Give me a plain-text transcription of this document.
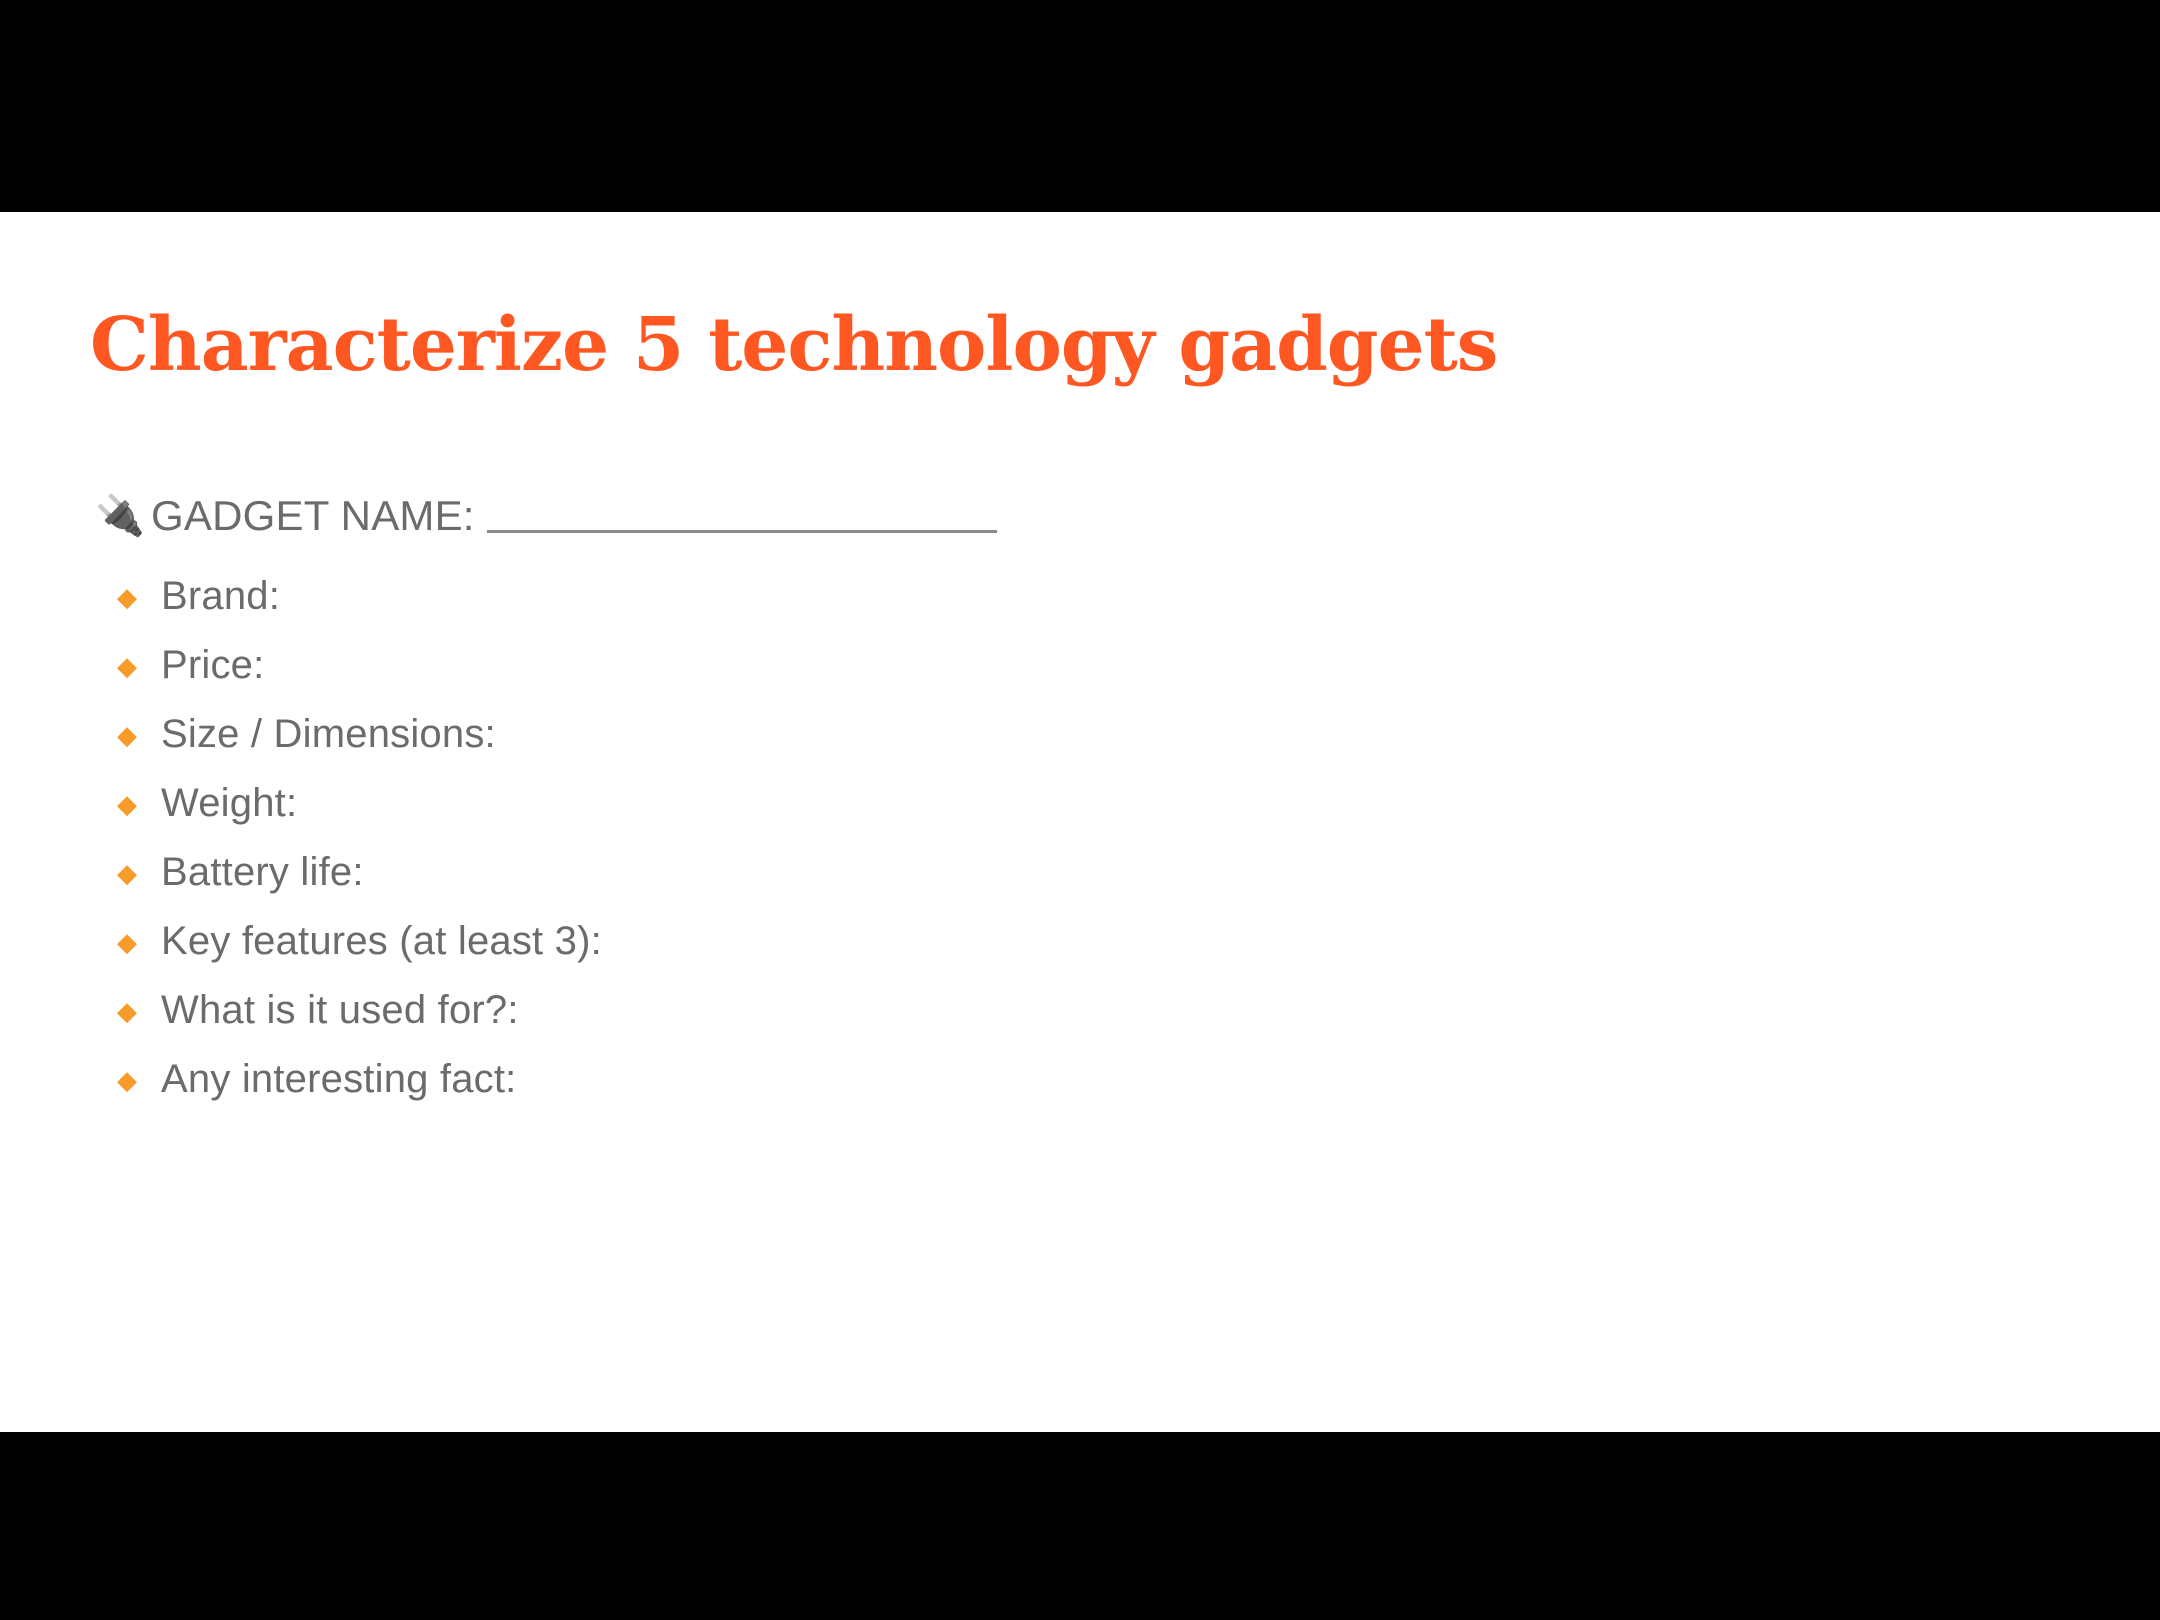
Characterize 5 technology gadgets
🔌 GADGET NAME:
◆
Brand:
◆
Price:
◆
Size / Dimensions:
◆
Weight:
◆
Battery life:
◆
Key features (at least 3):
◆
What is it used for?:
◆
Any interesting fact:
